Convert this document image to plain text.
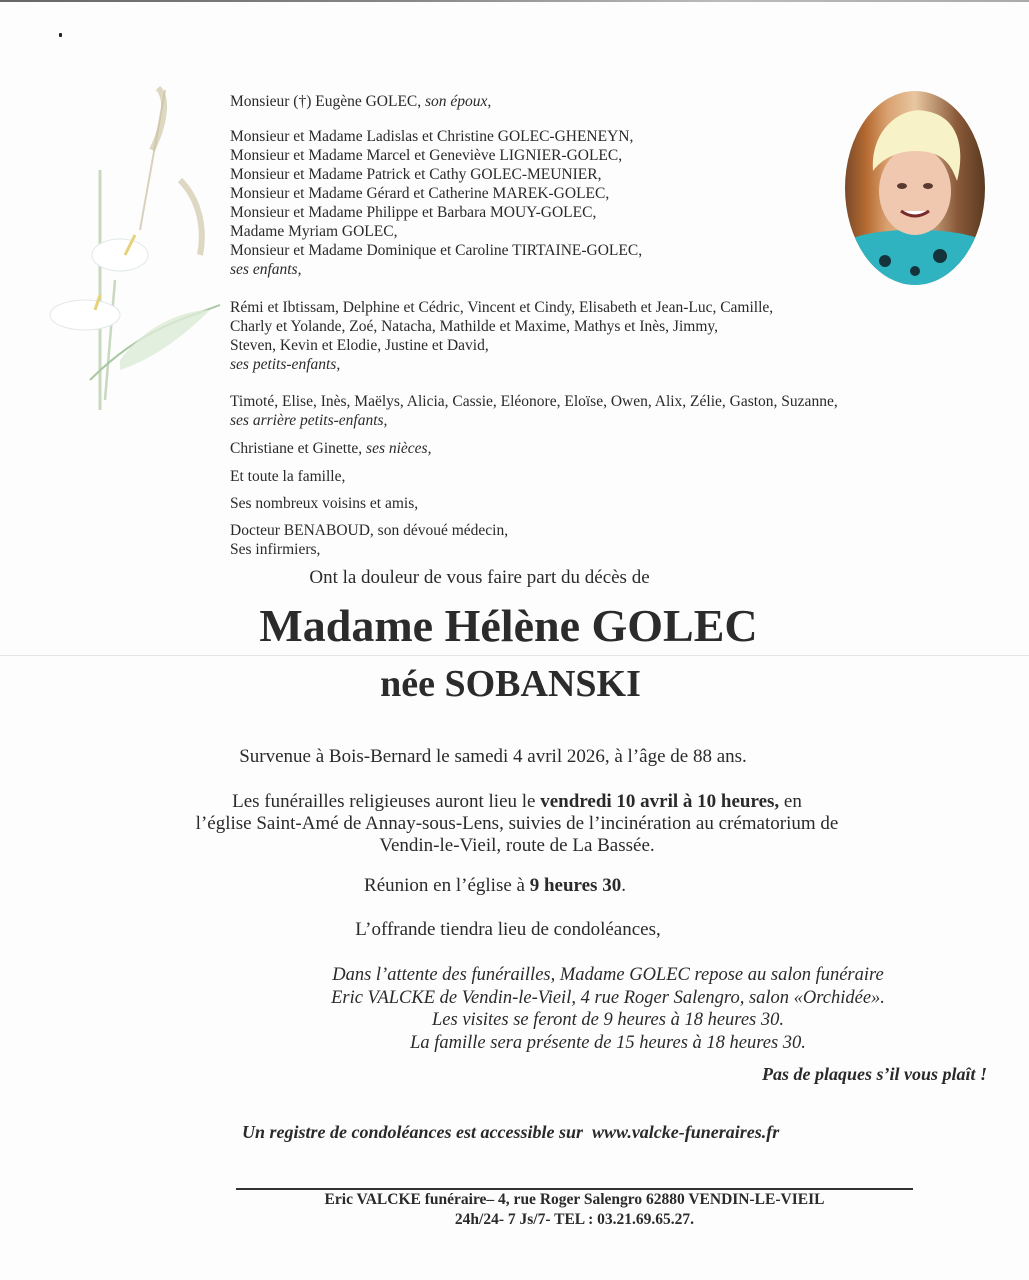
Monsieur (†) Eugène GOLEC, son époux,

Monsieur et Madame Ladislas et Christine GOLEC-GHENEYN,

Monsieur et Madame Marcel et Geneviève LIGNIER-GOLEC,

Monsieur et Madame Patrick et Cathy GOLEC-MEUNIER,

Monsieur et Madame Gérard et Catherine MAREK-GOLEC,

Monsieur et Madame Philippe et Barbara MOUY-GOLEC,

Madame Myriam GOLEC,

Monsieur et Madame Dominique et Caroline TIRTAINE-GOLEC,

ses enfants,

Rémi et Ibtissam, Delphine et Cédric, Vincent et Cindy, Elisabeth et Jean-Luc, Camille,

Charly et Yolande, Zoé, Natacha, Mathilde et Maxime, Mathys et Inès, Jimmy,

Steven, Kevin et Elodie, Justine et David,

ses petits-enfants,

Timoté, Elise, Inès, Maëlys, Alicia, Cassie, Eléonore, Eloïse, Owen, Alix, Zélie, Gaston, Suzanne,

ses arrière petits-enfants,

Christiane et Ginette, ses nièces,

Et toute la famille,
Ses nombreux voisins et amis,

Docteur BENABOUD, son dévoué médecin,

Ses infirmiers,

Ont la douleur de vous faire part du décès de
Madame Hélène GOLEC
née SOBANSKI
Survenue à Bois-Bernard le samedi 4 avril 2026, à l’âge de 88 ans.
Les funérailles religieuses auront lieu le vendredi 10 avril à 10 heures, en
l’église Saint-Amé de Annay-sous-Lens, suivies de l’incinération au crématorium de
Vendin-le-Vieil, route de La Bassée.
Réunion en l’église à 9 heures 30.
L’offrande tiendra lieu de condoléances,
Dans l’attente des funérailles, Madame GOLEC repose au salon funéraire
Eric VALCKE de Vendin-le-Vieil, 4 rue Roger Salengro, salon «Orchidée».
Les visites se feront de 9 heures à 18 heures 30.
La famille sera présente de 15 heures à 18 heures 30.
Pas de plaques s’il vous plaît !

Un registre de condoléances est accessible sur  www.valcke-funeraires.fr

Eric VALCKE funéraire– 4, rue Roger Salengro 62880 VENDIN-LE-VIEIL
24h/24- 7 Js/7- TEL : 03.21.69.65.27.
